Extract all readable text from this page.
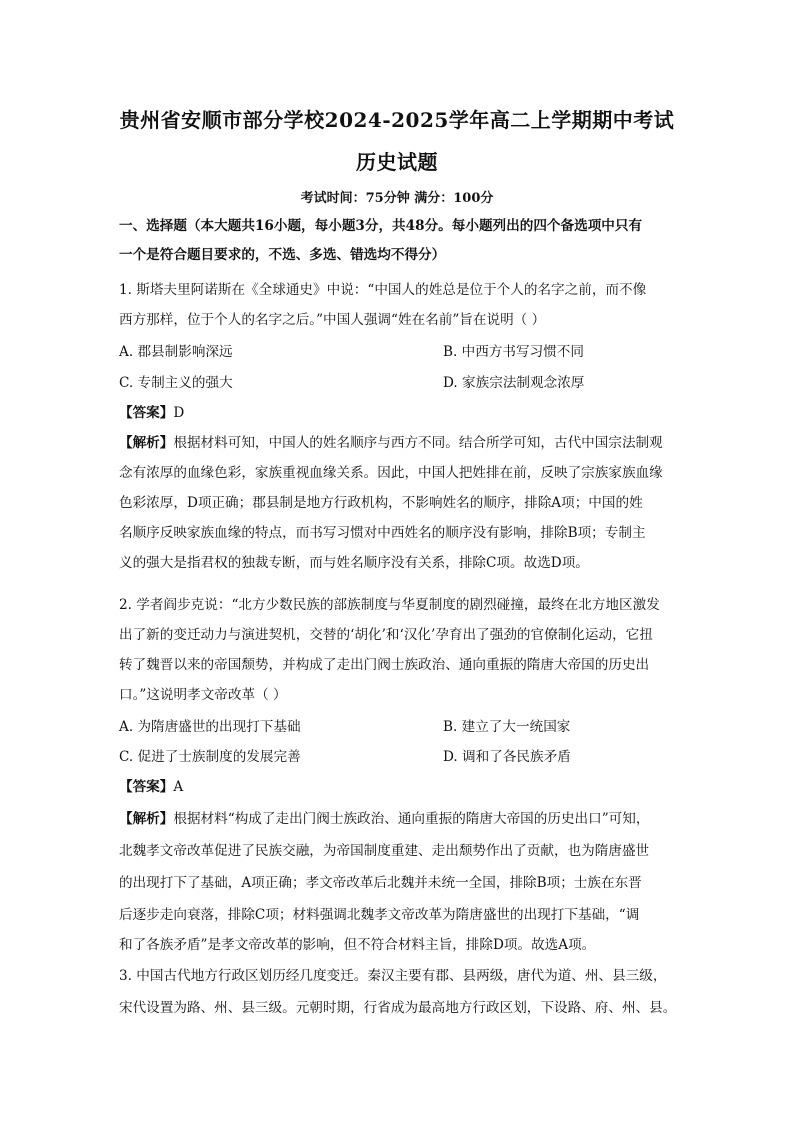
贵州省安顺市部分学校2024-2025学年高二上学期期中考试
历史试题
考试时间：75分钟 满分：100分
一、选择题（本大题共16小题，每小题3分，共48分。每小题列出的四个备选项中只有
一个是符合题目要求的，不选、多选、错选均不得分）
1. 斯塔夫里阿诺斯在《全球通史》中说：“中国人的姓总是位于个人的名字之前，而不像
西方那样，位于个人的名字之后。”中国人强调“姓在名前”旨在说明（ ）
A. 郡县制影响深远	B. 中西方书写习惯不同
C. 专制主义的强大	D. 家族宗法制观念浓厚
【答案】D
【解析】根据材料可知，中国人的姓名顺序与西方不同。结合所学可知，古代中国宗法制观
念有浓厚的血缘色彩，家族重视血缘关系。因此，中国人把姓排在前，反映了宗族家族血缘
色彩浓厚，D项正确；郡县制是地方行政机构，不影响姓名的顺序，排除A项；中国的姓
名顺序反映家族血缘的特点，而书写习惯对中西姓名的顺序没有影响，排除B项；专制主
义的强大是指君权的独裁专断，而与姓名顺序没有关系，排除C项。故选D项。
2. 学者阎步克说：“北方少数民族的部族制度与华夏制度的剧烈碰撞，最终在北方地区激发
出了新的变迁动力与演进契机，交替的‘胡化’和‘汉化’孕育出了强劲的官僚制化运动，它扭
转了魏晋以来的帝国颓势，并构成了走出门阀士族政治、通向重振的隋唐大帝国的历史出
口。”这说明孝文帝改革（ ）
A. 为隋唐盛世的出现打下基础	B. 建立了大一统国家
C. 促进了士族制度的发展完善	D. 调和了各民族矛盾
【答案】A
【解析】根据材料“构成了走出门阀士族政治、通向重振的隋唐大帝国的历史出口”可知，
北魏孝文帝改革促进了民族交融，为帝国制度重建、走出颓势作出了贡献，也为隋唐盛世
的出现打下了基础，A项正确；孝文帝改革后北魏并未统一全国，排除B项；士族在东晋
后逐步走向衰落，排除C项；材料强调北魏孝文帝改革为隋唐盛世的出现打下基础，“调
和了各族矛盾”是孝文帝改革的影响，但不符合材料主旨，排除D项。故选A项。
3. 中国古代地方行政区划历经几度变迁。秦汉主要有郡、县两级，唐代为道、州、县三级，
宋代设置为路、州、县三级。元朝时期，行省成为最高地方行政区划，下设路、府、州、县。
